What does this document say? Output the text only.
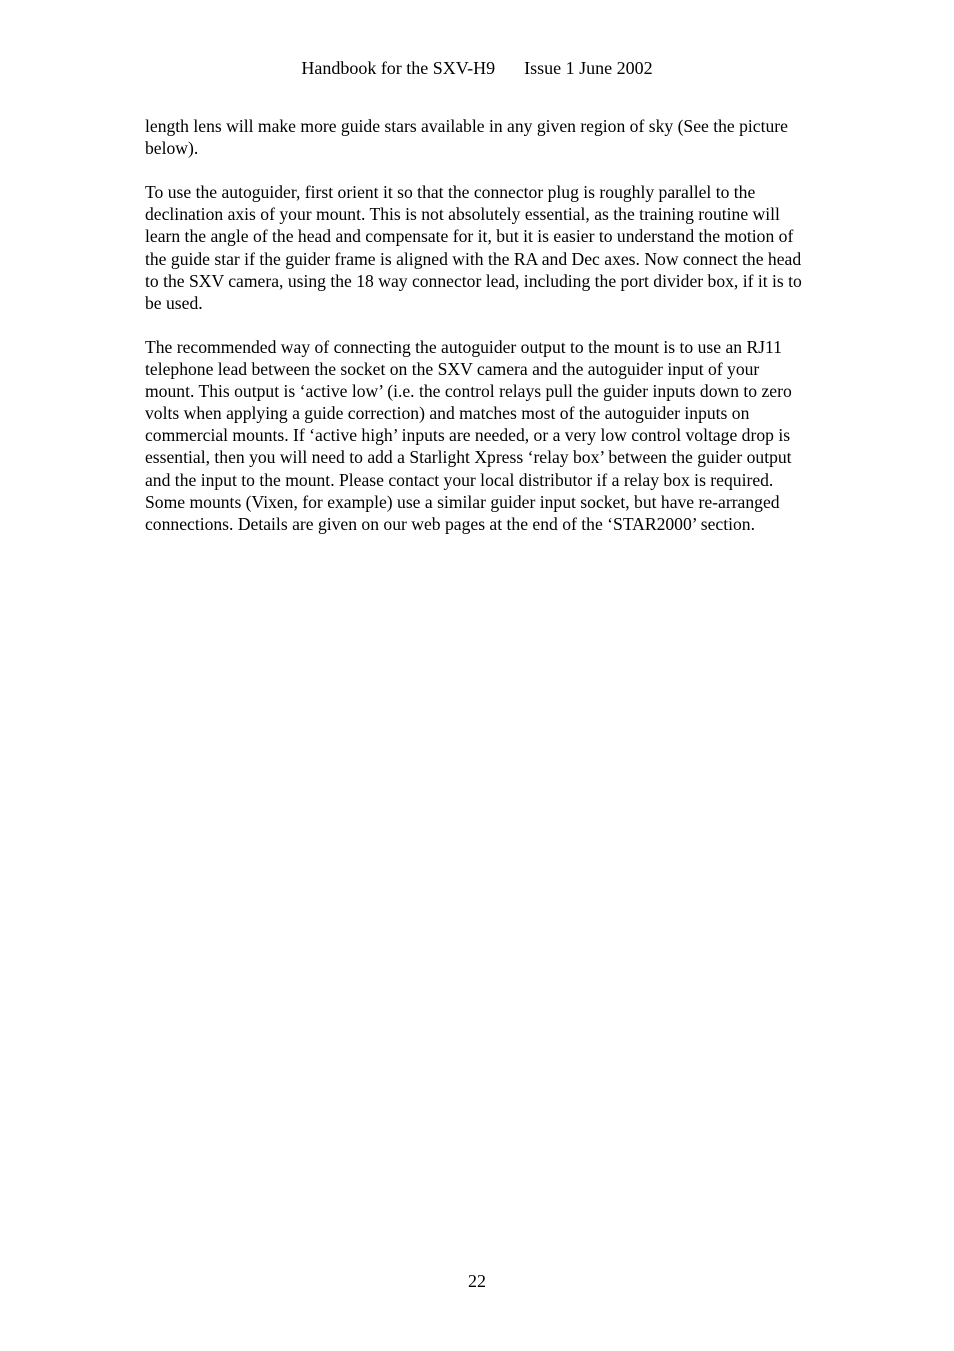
Handbook for the SXV-H9 Issue 1 June 2002

length lens will make more guide stars available in any given region of sky (See the picture below).

To use the autoguider, first orient it so that the connector plug is roughly parallel to the declination axis of your mount. This is not absolutely essential, as the training routine will learn the angle of the head and compensate for it, but it is easier to understand the motion of the guide star if the guider frame is aligned with the RA and Dec axes. Now connect the head to the SXV camera, using the 18 way connector lead, including the port divider box, if it is to be used.

The recommended way of connecting the autoguider output to the mount is to use an RJ11 telephone lead between the socket on the SXV camera and the autoguider input of your mount. This output is ‘active low’ (i.e. the control relays pull the guider inputs down to zero volts when applying a guide correction) and matches most of the autoguider inputs on commercial mounts. If ‘active high’ inputs are needed, or a very low control voltage drop is essential, then you will need to add a Starlight Xpress ‘relay box’ between the guider output and the input to the mount. Please contact your local distributor if a relay box is required. Some mounts (Vixen, for example) use a similar guider input socket, but have re-arranged connections. Details are given on our web pages at the end of the ‘STAR2000’ section.

22
